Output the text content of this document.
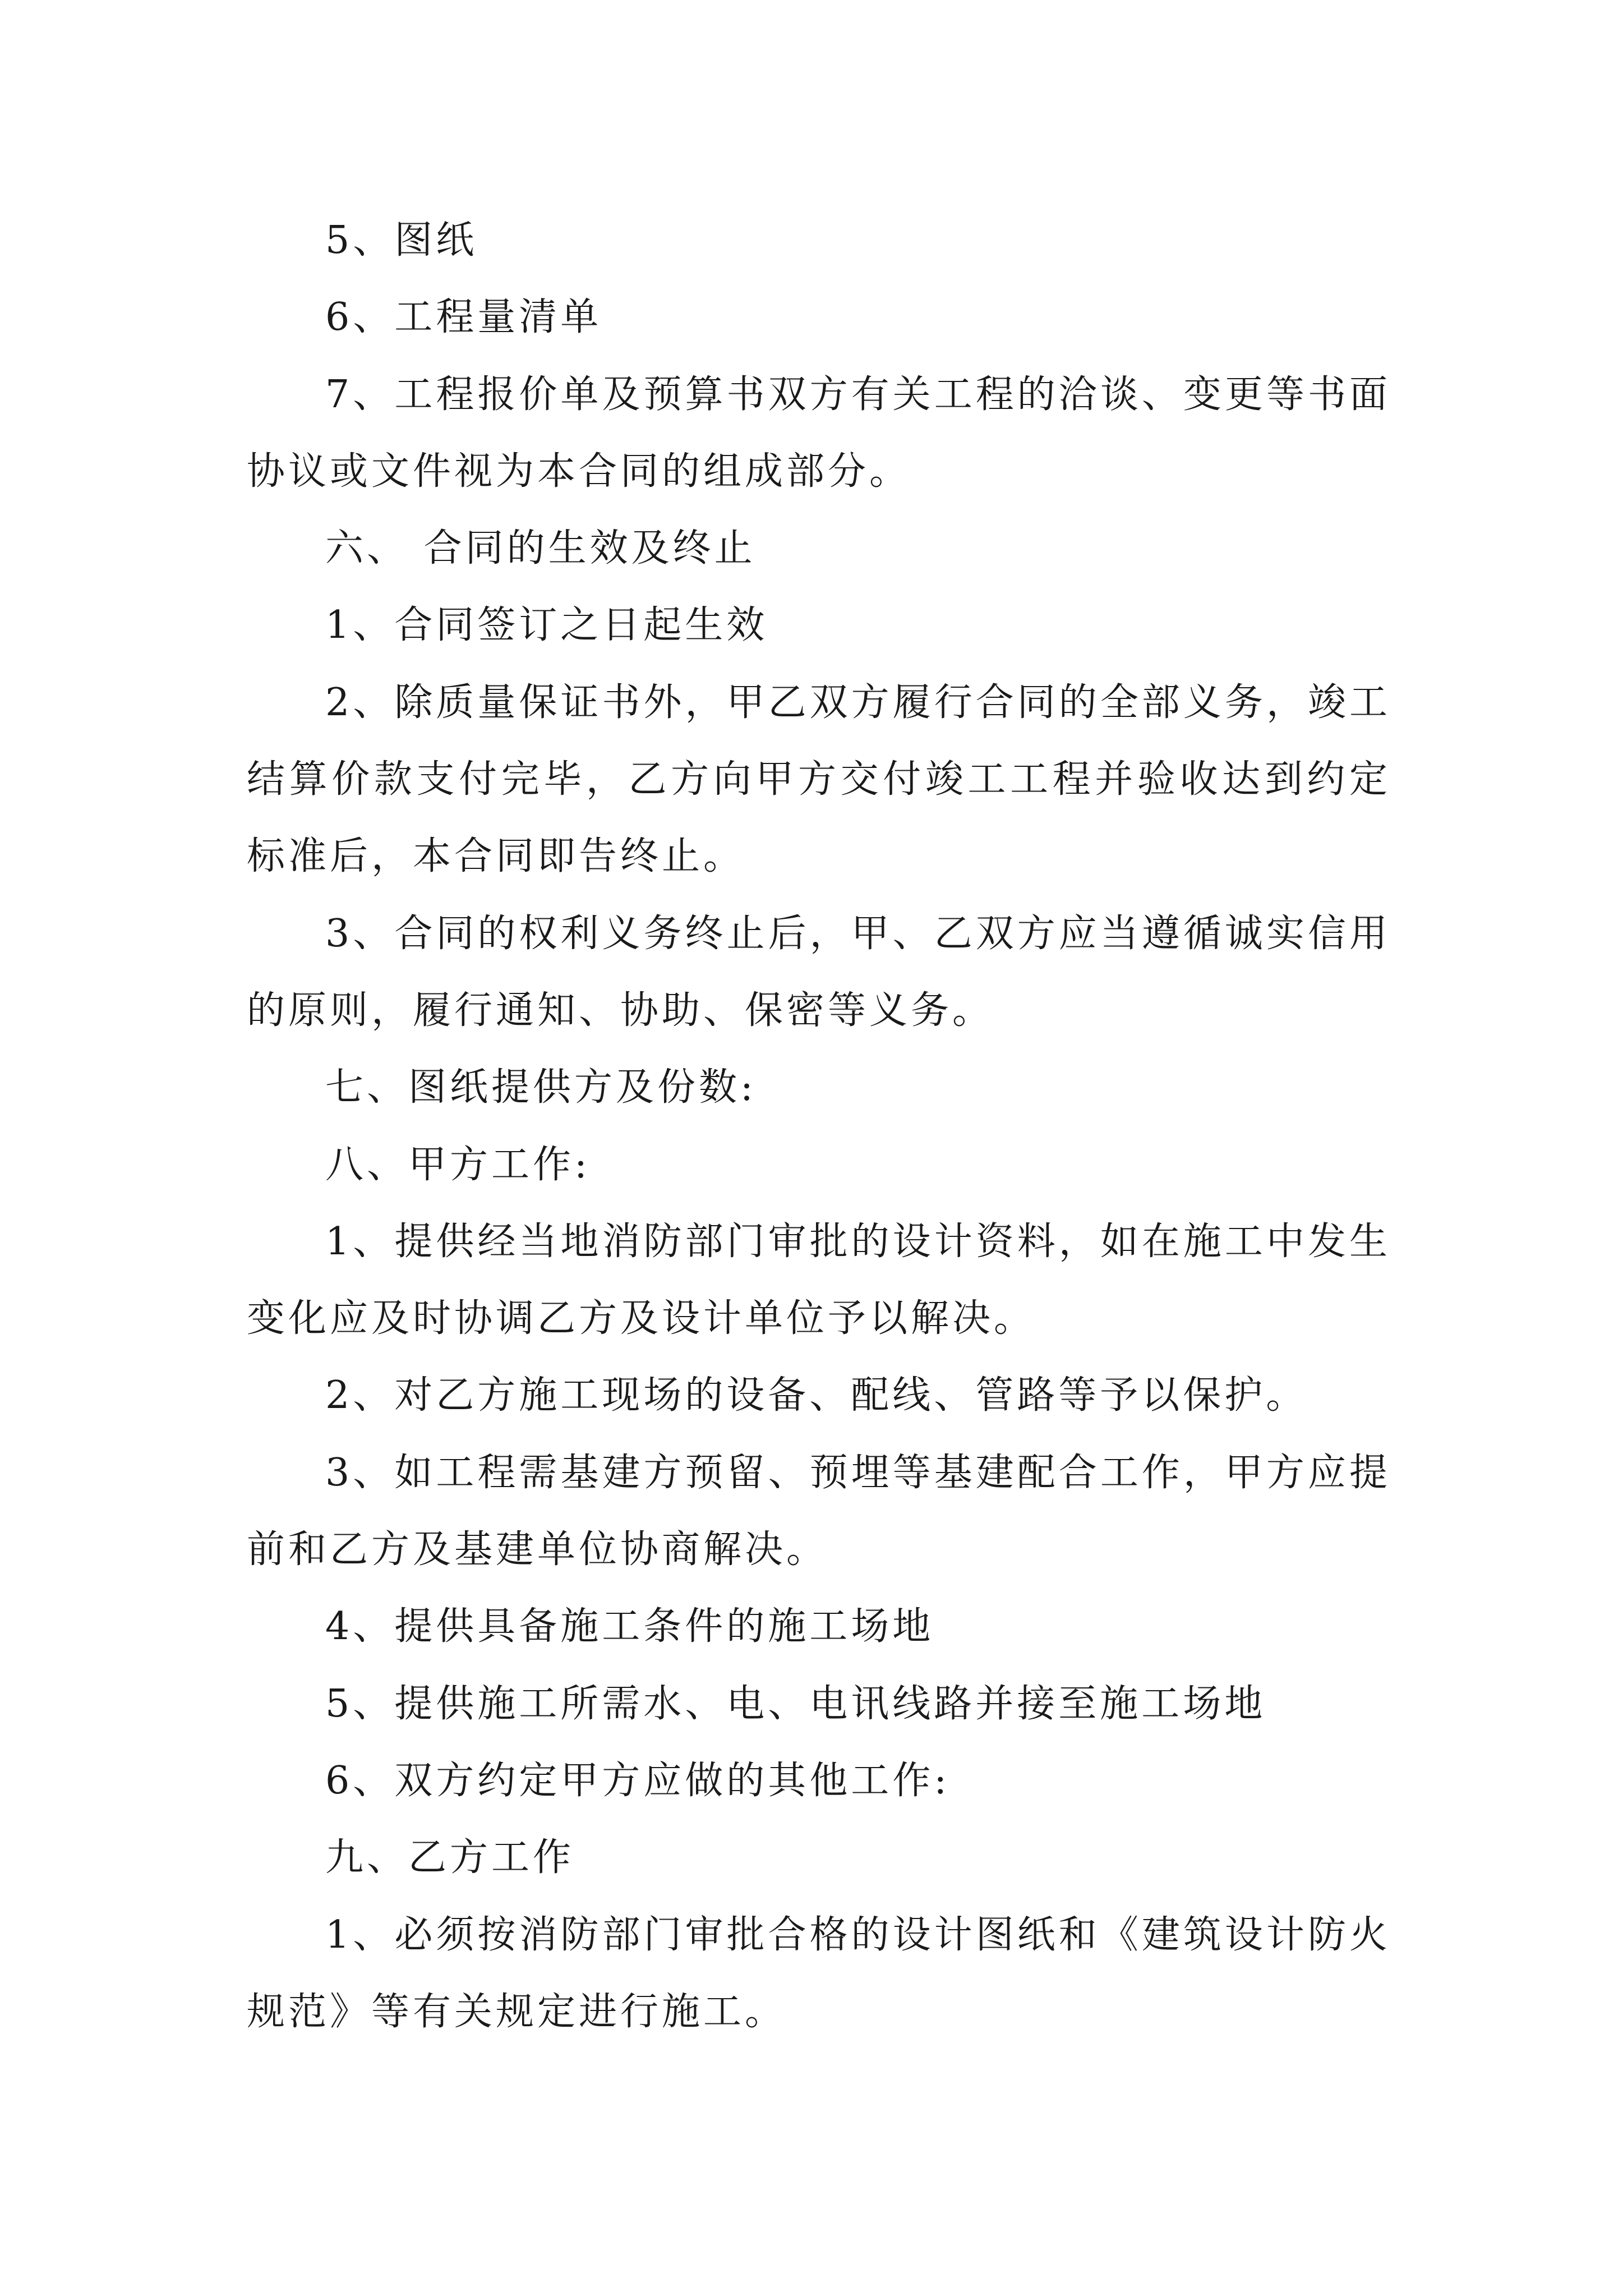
5、图纸

6、工程量清单

7、工程报价单及预算书双方有关工程的洽谈、变更等书面协议或文件视为本合同的组成部分。

六、 合同的生效及终止

1、合同签订之日起生效

2、除质量保证书外，甲乙双方履行合同的全部义务，竣工结算价款支付完毕，乙方向甲方交付竣工工程并验收达到约定标准后，本合同即告终止。

3、合同的权利义务终止后，甲、乙双方应当遵循诚实信用的原则，履行通知、协助、保密等义务。

七、图纸提供方及份数:

八、甲方工作:

1、提供经当地消防部门审批的设计资料，如在施工中发生变化应及时协调乙方及设计单位予以解决。

2、对乙方施工现场的设备、配线、管路等予以保护。

3、如工程需基建方预留、预埋等基建配合工作，甲方应提前和乙方及基建单位协商解决。

4、提供具备施工条件的施工场地

5、提供施工所需水、电、电讯线路并接至施工场地

6、双方约定甲方应做的其他工作:

九、乙方工作

1、必须按消防部门审批合格的设计图纸和《建筑设计防火规范》等有关规定进行施工。
